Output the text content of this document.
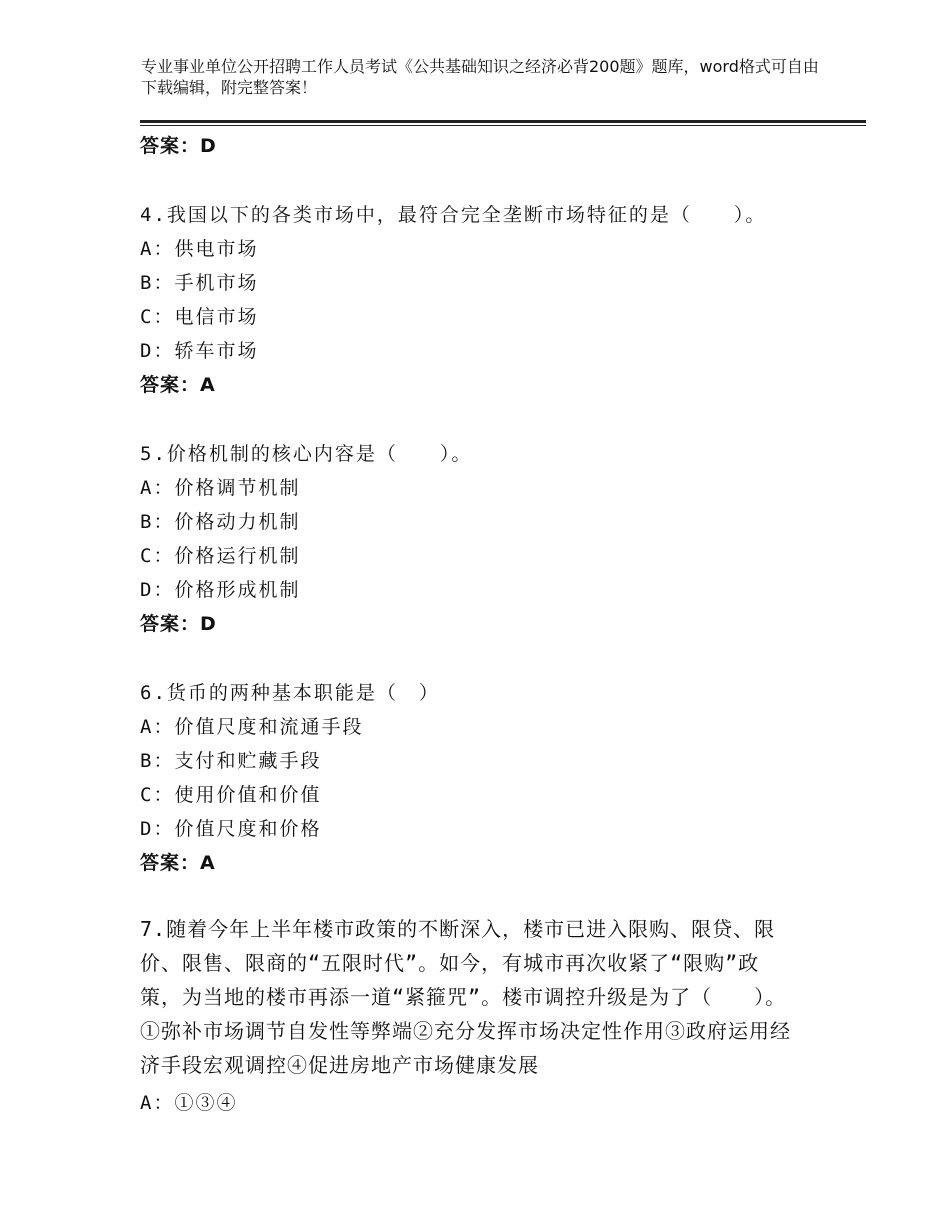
专业事业单位公开招聘工作人员考试《公共基础知识之经济必背200题》题库，word格式可自由下载编辑，附完整答案！
答案：D
4.我国以下的各类市场中，最符合完全垄断市场特征的是（　　）。
A：供电市场
B：手机市场
C：电信市场
D：轿车市场
答案：A
5.价格机制的核心内容是（　　）。
A：价格调节机制
B：价格动力机制
C：价格运行机制
D：价格形成机制
答案：D
6.货币的两种基本职能是（　）
A：价值尺度和流通手段
B：支付和贮藏手段
C：使用价值和价值
D：价值尺度和价格
答案：A
7.随着今年上半年楼市政策的不断深入，楼市已进入限购、限贷、限价、限售、限商的“五限时代”。如今，有城市再次收紧了“限购”政策，为当地的楼市再添一道“紧箍咒”。楼市调控升级是为了（　　）。①弥补市场调节自发性等弊端②充分发挥市场决定性作用③政府运用经济手段宏观调控④促进房地产市场健康发展
A：①③④
